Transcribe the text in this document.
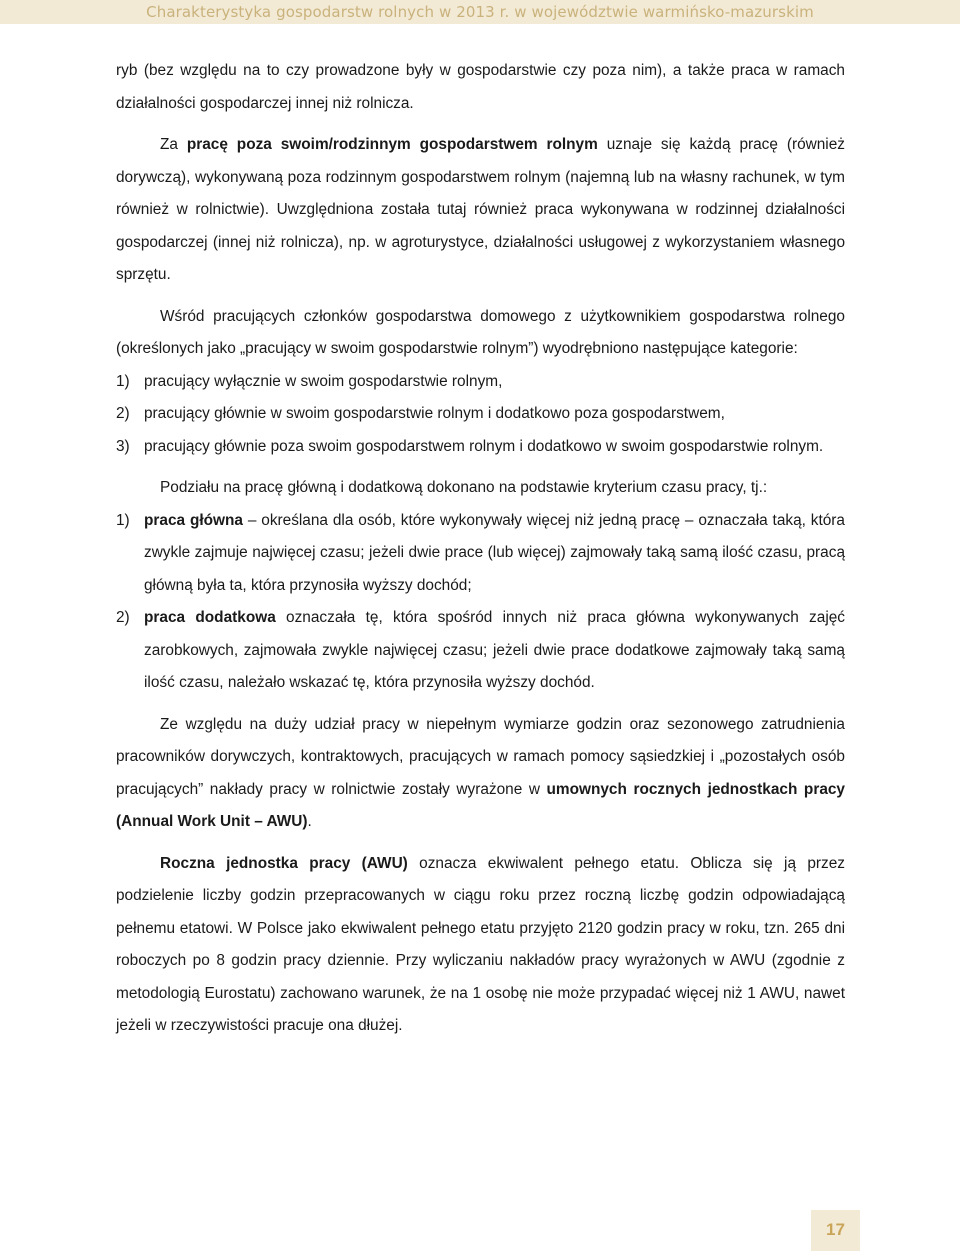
Charakterystyka gospodarstw rolnych w 2013 r. w województwie warmińsko-mazurskim

ryb (bez względu na to czy prowadzone były w gospodarstwie czy poza nim), a także praca w ramach działalności gospodarczej innej niż rolnicza.

Za pracę poza swoim/rodzinnym gospodarstwem rolnym uznaje się każdą pracę (również dorywczą), wykonywaną poza rodzinnym gospodarstwem rolnym (najemną lub na własny rachunek, w tym również w rolnictwie). Uwzględniona została tutaj również praca wykonywana w rodzinnej działalności gospodarczej (innej niż rolnicza), np. w agroturystyce, działalności usługowej z wykorzystaniem własnego sprzętu.

Wśród pracujących członków gospodarstwa domowego z użytkownikiem gospodarstwa rolnego (określonych jako „pracujący w swoim gospodarstwie rolnym”) wyodrębniono następujące kategorie:

1) pracujący wyłącznie w swoim gospodarstwie rolnym,
2) pracujący głównie w swoim gospodarstwie rolnym i dodatkowo poza gospodarstwem,
3) pracujący głównie poza swoim gospodarstwem rolnym i dodatkowo w swoim gospodarstwie rolnym.

Podziału na pracę główną i dodatkową dokonano na podstawie kryterium czasu pracy, tj.:

1) praca główna – określana dla osób, które wykonywały więcej niż jedną pracę – oznaczała taką, która zwykle zajmuje najwięcej czasu; jeżeli dwie prace (lub więcej) zajmowały taką samą ilość czasu, pracą główną była ta, która przynosiła wyższy dochód;
2) praca dodatkowa oznaczała tę, która spośród innych niż praca główna wykonywanych zajęć zarobkowych, zajmowała zwykle najwięcej czasu; jeżeli dwie prace dodatkowe zajmowały taką samą ilość czasu, należało wskazać tę, która przynosiła wyższy dochód.

Ze względu na duży udział pracy w niepełnym wymiarze godzin oraz sezonowego zatrudnienia pracowników dorywczych, kontraktowych, pracujących w ramach pomocy sąsiedzkiej i „pozostałych osób pracujących” nakłady pracy w rolnictwie zostały wyrażone w umownych rocznych jednostkach pracy (Annual Work Unit – AWU).

Roczna jednostka pracy (AWU) oznacza ekwiwalent pełnego etatu. Oblicza się ją przez podzielenie liczby godzin przepracowanych w ciągu roku przez roczną liczbę godzin odpowiadającą pełnemu etatowi. W Polsce jako ekwiwalent pełnego etatu przyjęto 2120 godzin pracy w roku, tzn. 265 dni roboczych po 8 godzin pracy dziennie. Przy wyliczaniu nakładów pracy wyrażonych w AWU (zgodnie z metodologią Eurostatu) zachowano warunek, że na 1 osobę nie może przypadać więcej niż 1 AWU, nawet jeżeli w rzeczywistości pracuje ona dłużej.

17
